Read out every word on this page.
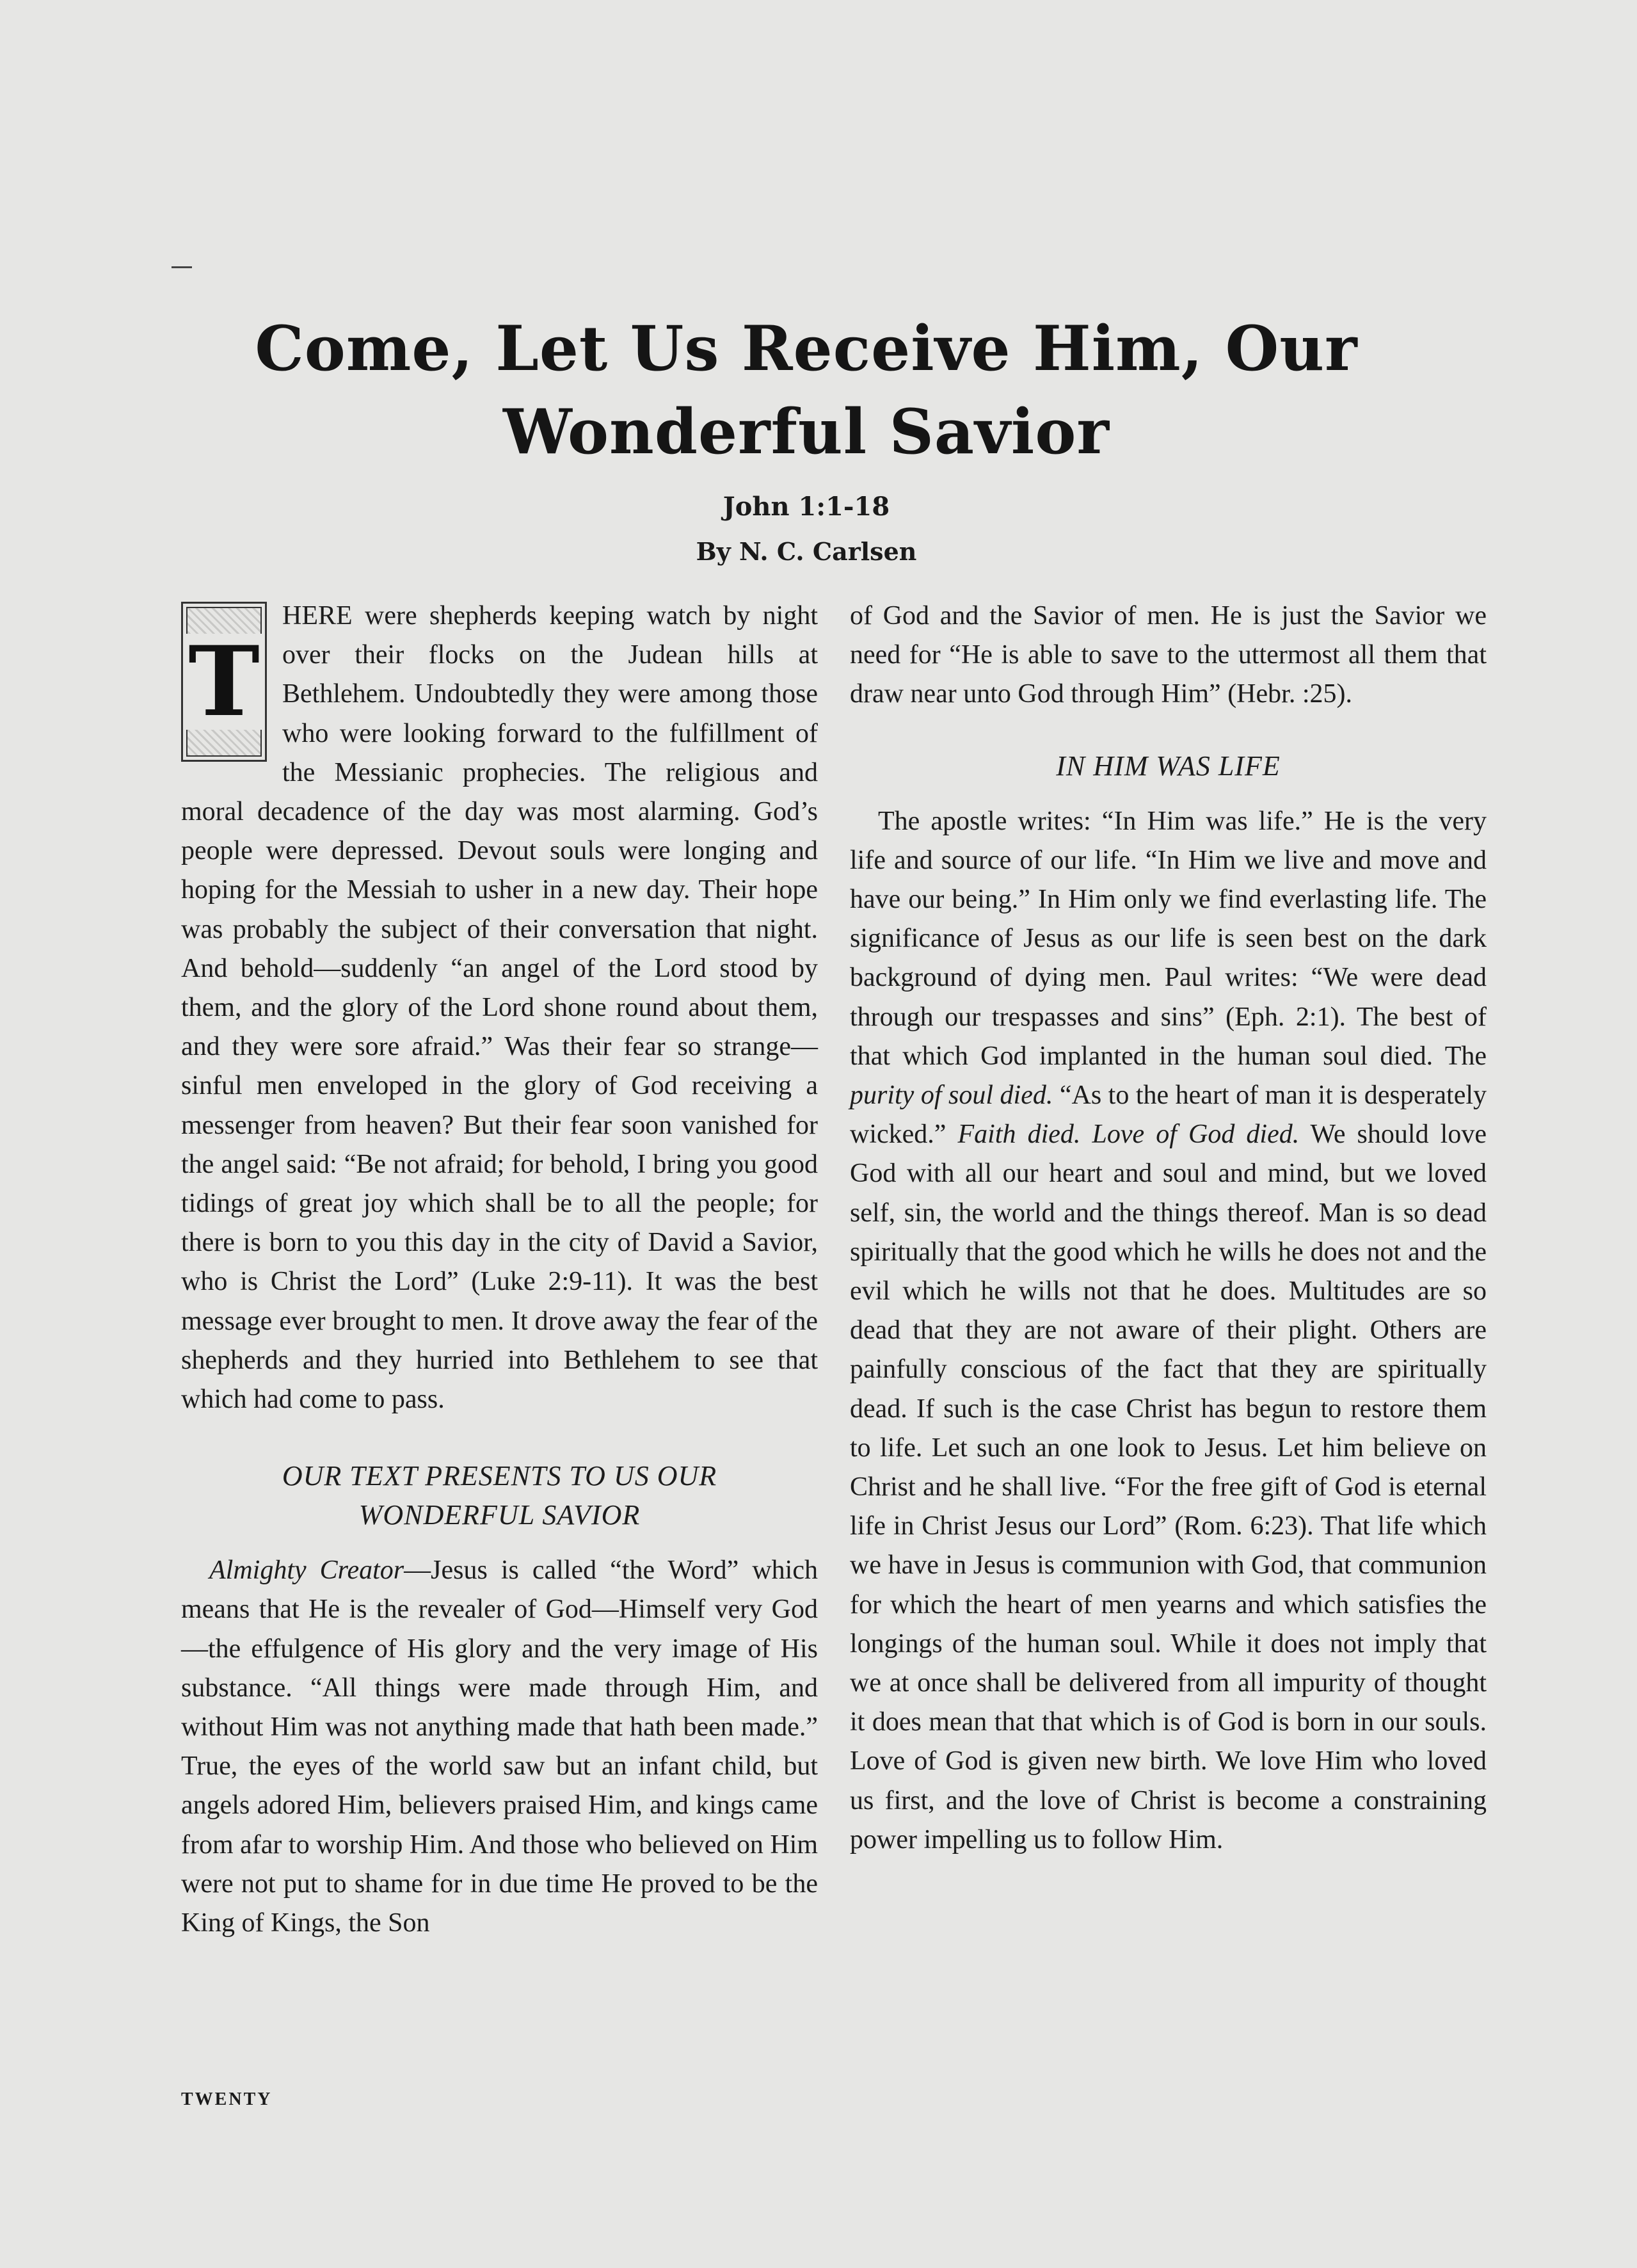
Come, Let Us Receive Him, Our
Wonderful Savior
John 1:1-18
By N. C. Carlsen
T

HERE were shepherds keeping watch by night over their flocks on the Judean hills at Bethlehem. Undoubtedly they were among those who were looking forward to the fulfillment of the Messianic prophecies. The religious and moral decadence of the day was most alarming. God’s people were depressed. Devout souls were longing and hoping for the Messiah to usher in a new day. Their hope was probably the subject of their conversation that night. And behold—suddenly “an angel of the Lord stood by them, and the glory of the Lord shone round about them, and they were sore afraid.” Was their fear so strange—sinful men enveloped in the glory of God receiving a messenger from heaven? But their fear soon vanished for the angel said: “Be not afraid; for behold, I bring you good tidings of great joy which shall be to all the people; for there is born to you this day in the city of David a Savior, who is Christ the Lord” (Luke 2:9-11). It was the best message ever brought to men. It drove away the fear of the shepherds and they hurried into Bethlehem to see that which had come to pass.

OUR TEXT PRESENTS TO US OUR
WONDERFUL SAVIOR

Almighty Creator—Jesus is called “the Word” which means that He is the revealer of God—Himself very God—the effulgence of His glory and the very image of His substance. “All things were made through Him, and without Him was not anything made that hath been made.” True, the eyes of the world saw but an infant child, but angels adored Him, believers praised Him, and kings came from afar to worship Him. And those who believed on Him were not put to shame for in due time He proved to be the King of Kings, the Son

of God and the Savior of men. He is just the Savior we need for “He is able to save to the uttermost all them that draw near unto God through Him” (Hebr. :25).

IN HIM WAS LIFE

The apostle writes: “In Him was life.” He is the very life and source of our life. “In Him we live and move and have our being.” In Him only we find everlasting life. The significance of Jesus as our life is seen best on the dark background of dying men. Paul writes: “We were dead through our trespasses and sins” (Eph. 2:1). The best of that which God implanted in the human soul died. The purity of soul died. “As to the heart of man it is desperately wicked.” Faith died. Love of God died. We should love God with all our heart and soul and mind, but we loved self, sin, the world and the things thereof. Man is so dead spiritually that the good which he wills he does not and the evil which he wills not that he does. Multitudes are so dead that they are not aware of their plight. Others are painfully conscious of the fact that they are spiritually dead. If such is the case Christ has begun to restore them to life. Let such an one look to Jesus. Let him believe on Christ and he shall live. “For the free gift of God is eternal life in Christ Jesus our Lord” (Rom. 6:23). That life which we have in Jesus is communion with God, that communion for which the heart of men yearns and which satisfies the longings of the human soul. While it does not imply that we at once shall be delivered from all impurity of thought it does mean that that which is of God is born in our souls. Love of God is given new birth. We love Him who loved us first, and the love of Christ is become a constraining power impelling us to follow Him.

TWENTY
